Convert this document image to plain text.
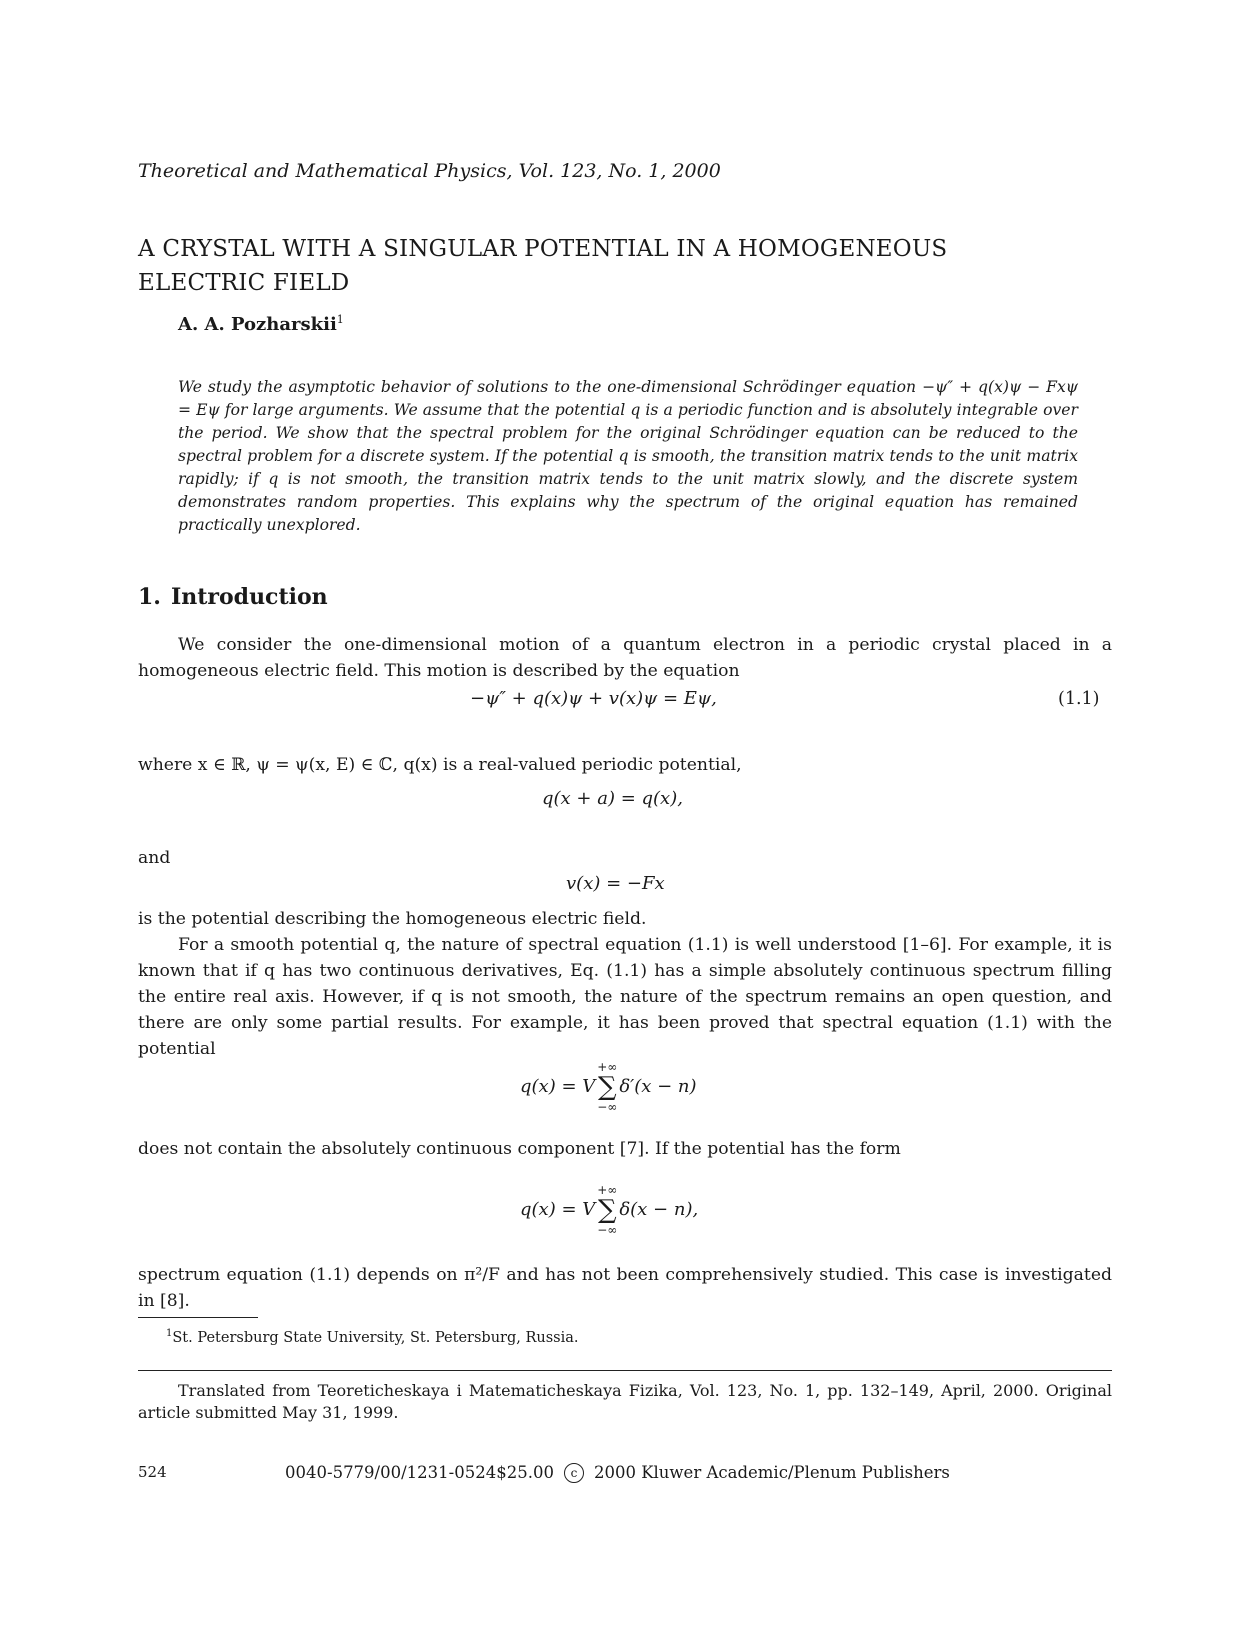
Theoretical and Mathematical Physics, Vol. 123, No. 1, 2000
A CRYSTAL WITH A SINGULAR POTENTIAL IN A HOMOGENEOUS
ELECTRIC FIELD
A. A. Pozharskii$^1$
We study the asymptotic behavior of solutions to the one-dimensional Schrödinger equation −ψ″ + q(x)ψ − Fxψ = Eψ for large arguments. We assume that the potential q is a periodic function and is absolutely integrable over the period. We show that the spectral problem for the original Schrödinger equation can be reduced to the spectral problem for a discrete system. If the potential q is smooth, the transition matrix tends to the unit matrix rapidly; if q is not smooth, the transition matrix tends to the unit matrix slowly, and the discrete system demonstrates random properties. This explains why the spectrum of the original equation has remained practically unexplored.
1. Introduction
We consider the one-dimensional motion of a quantum electron in a periodic crystal placed in a homogeneous electric field. This motion is described by the equation
−ψ″ + q(x)ψ + v(x)ψ = Eψ,	(1.1)
where x ∈ ℝ, ψ = ψ(x, E) ∈ ℂ, q(x) is a real-valued periodic potential,
q(x + a) = q(x),
and
v(x) = −Fx
is the potential describing the homogeneous electric field.
For a smooth potential q, the nature of spectral equation (1.1) is well understood [1–6]. For example, it is known that if q has two continuous derivatives, Eq. (1.1) has a simple absolutely continuous spectrum filling the entire real axis. However, if q is not smooth, the nature of the spectrum remains an open question, and there are only some partial results. For example, it has been proved that spectral equation (1.1) with the potential
q(x) = V
+∞
∑
−∞
δ′(x − n)
does not contain the absolutely continuous component [7]. If the potential has the form
q(x) = V
+∞
∑
−∞
δ(x − n),
spectrum equation (1.1) depends on π²/F and has not been comprehensively studied. This case is investigated in [8].
$^1$St. Petersburg State University, St. Petersburg, Russia.
Translated from Teoreticheskaya i Matematicheskaya Fizika, Vol. 123, No. 1, pp. 132–149, April, 2000. Original article submitted May 31, 1999.
524	0040-5779/00/1231-0524$25.00 c 2000 Kluwer Academic/Plenum Publishers
